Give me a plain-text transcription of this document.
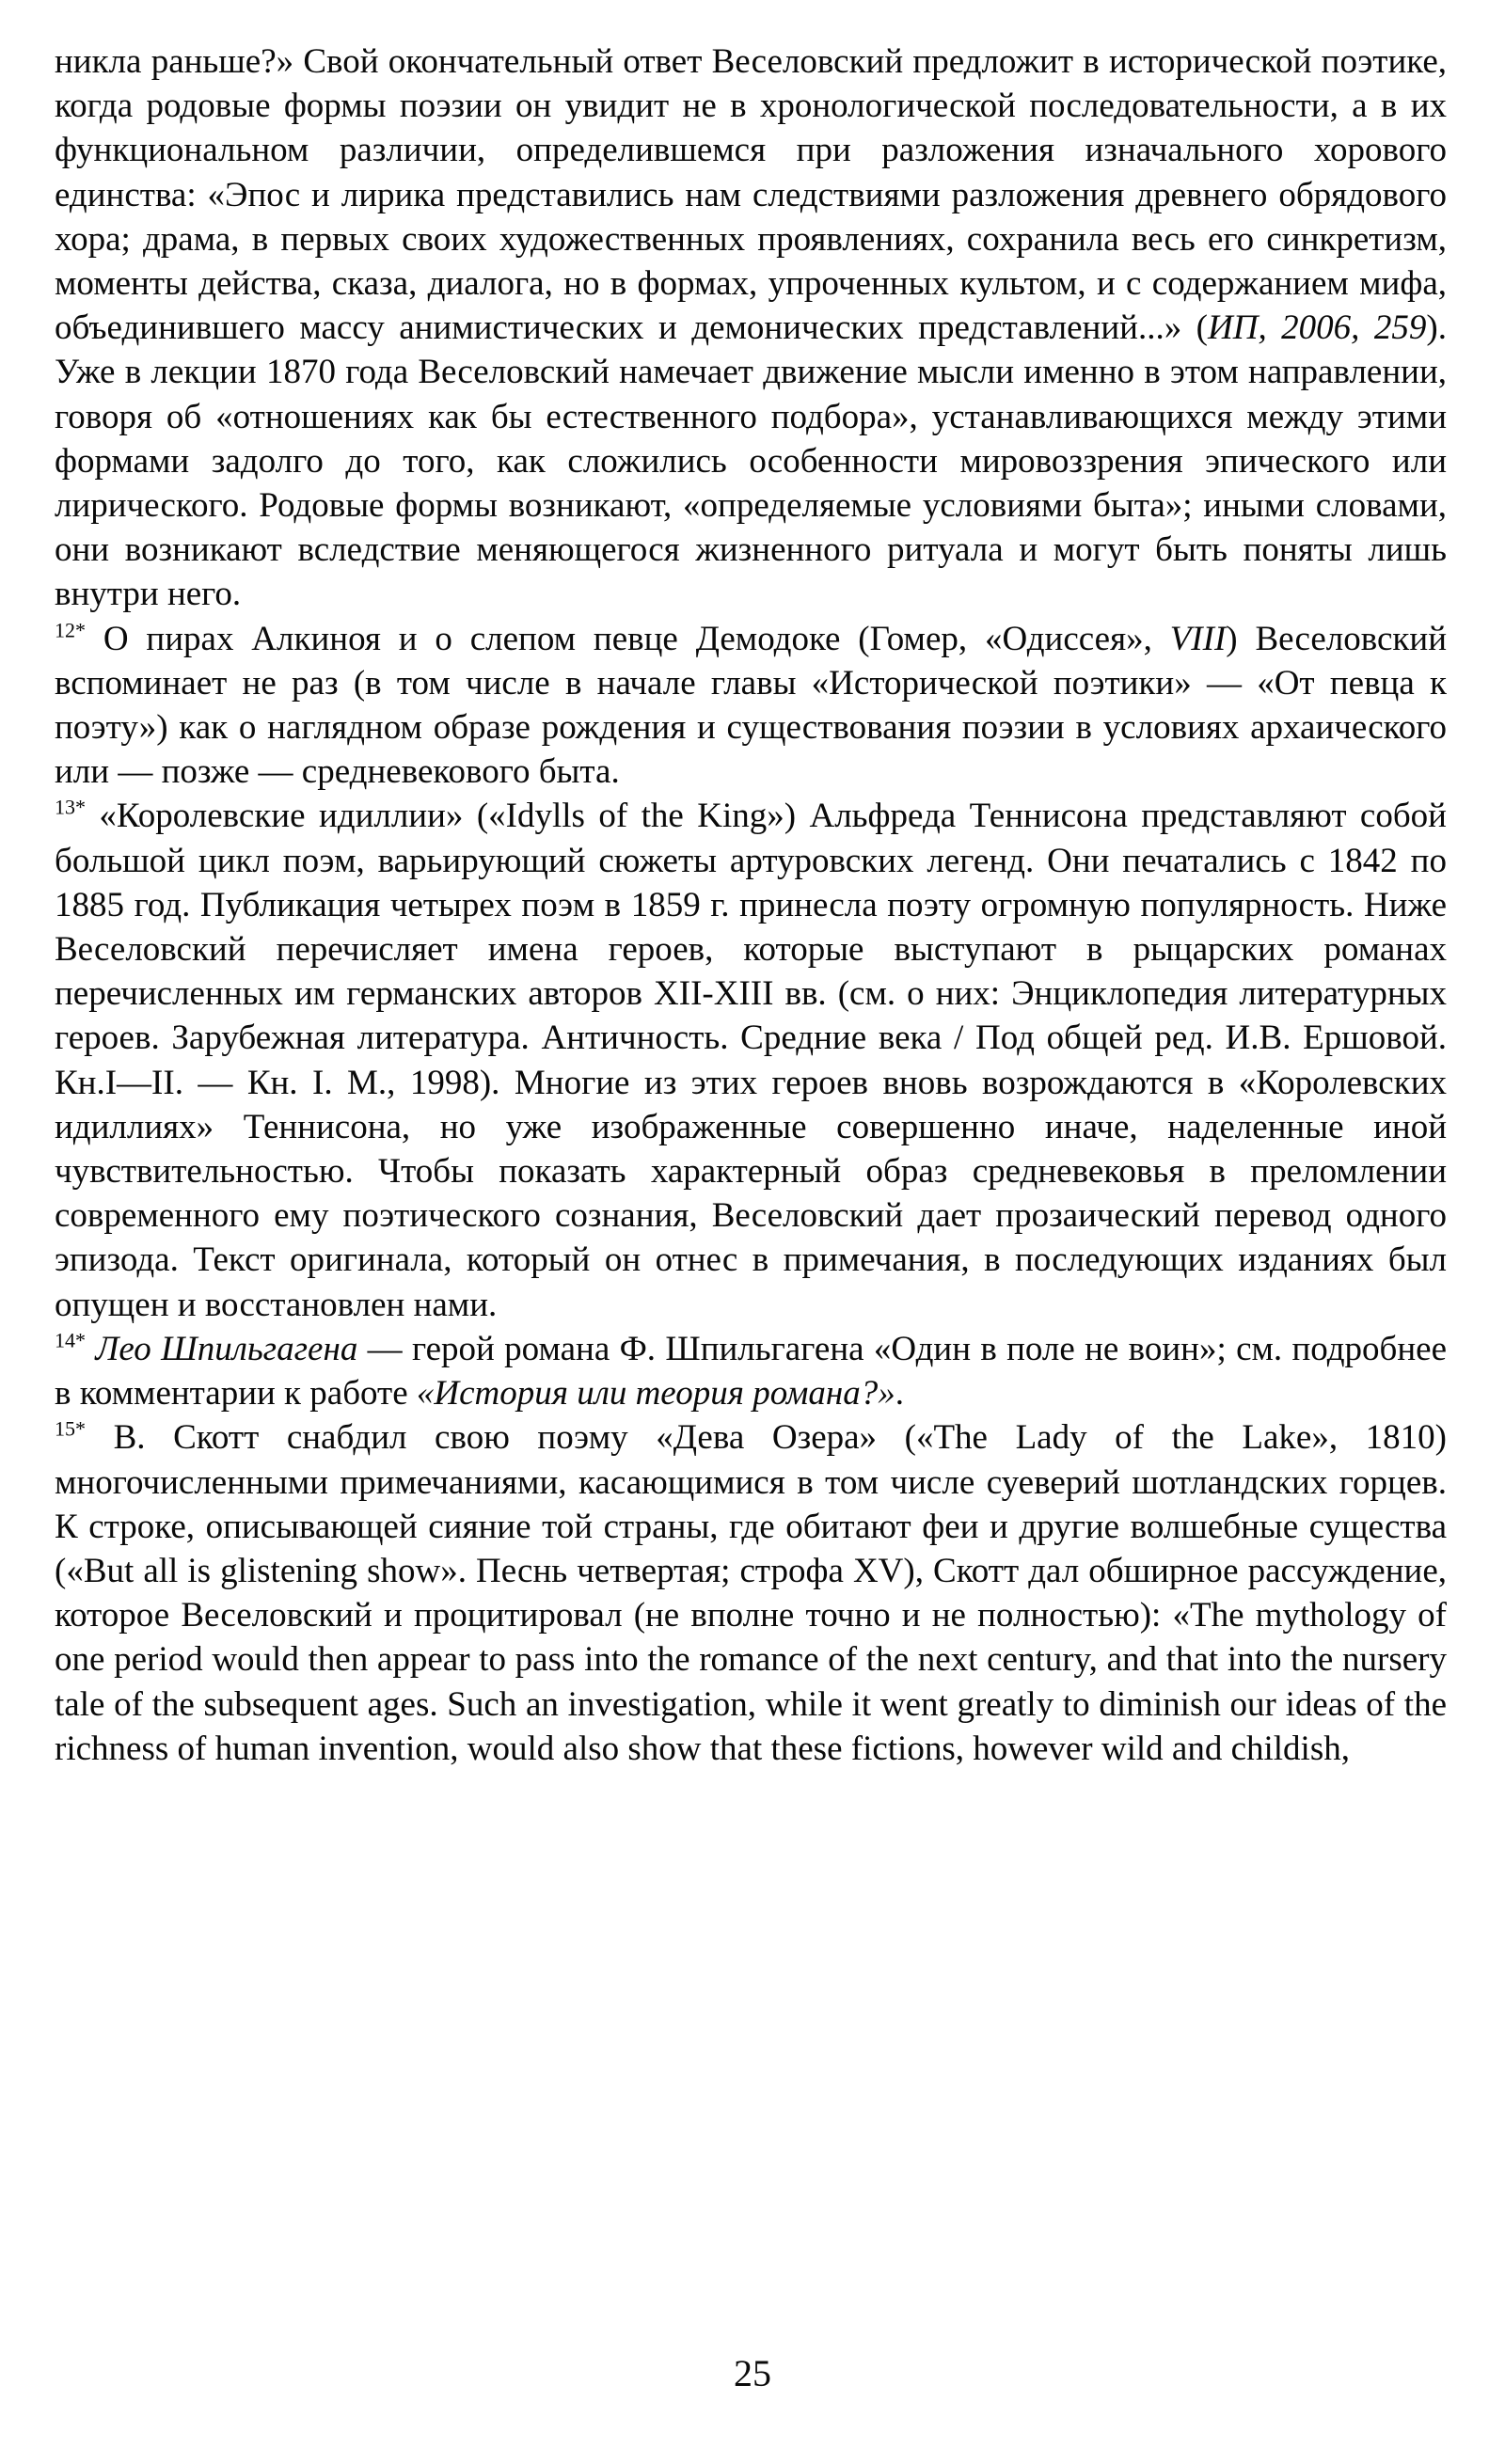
никла раньше?» Свой окончательный ответ Веселовский предложит в исторической поэтике, когда родовые формы поэзии он увидит не в хронологической последовательности, а в их функциональном различии, определившемся при разложения изначального хорового единства: «Эпос и лирика представились нам следствиями разложения древнего обрядового хора; драма, в первых своих художественных проявлениях, сохранила весь его синкретизм, моменты действа, сказа, диалога, но в формах, упроченных культом, и с содержанием мифа, объединившего массу анимистических и демонических представлений...» (ИП, 2006, 259). Уже в лекции 1870 года Веселовский намечает движение мысли именно в этом направлении, говоря об «отношениях как бы естественного подбора», устанавливающихся между этими формами задолго до того, как сложились особенности мировоззрения эпического или лирического. Родовые формы возникают, «определяемые условиями быта»; иными словами, они возникают вследствие меняющегося жизненного ритуала и могут быть поняты лишь внутри него.

$^{12*}$ О пирах Алкиноя и о слепом певце Демодоке (Гомер, «Одиссея», VIII) Веселовский вспоминает не раз (в том числе в начале главы «Исторической поэтики» — «От певца к поэту») как о наглядном образе рождения и существования поэзии в условиях архаического или — позже — средневекового быта.

$^{13*}$ «Королевские идиллии» («Idylls of the King») Альфреда Теннисона представляют собой большой цикл поэм, варьирующий сюжеты артуровских легенд. Они печатались с 1842 по 1885 год. Публикация четырех поэм в 1859 г. принесла поэту огромную популярность. Ниже Веселовский перечисляет имена героев, которые выступают в рыцарских романах перечисленных им германских авторов XII-XIII вв. (см. о них: Энциклопедия литературных героев. Зарубежная литература. Античность. Средние века / Под общей ред. И.В. Ершовой. Кн.I—II. — Кн. I. М., 1998). Многие из этих героев вновь возрождаются в «Королевских идиллиях» Теннисона, но уже изображенные совершенно иначе, наделенные иной чувствительностью. Чтобы показать характерный образ средневековья в преломлении современного ему поэтического сознания, Веселовский дает прозаический перевод одного эпизода. Текст оригинала, который он отнес в примечания, в последующих изданиях был опущен и восстановлен нами.

$^{14*}$ Лео Шпильгагена — герой романа Ф. Шпильгагена «Один в поле не воин»; см. подробнее в комментарии к работе «История или теория романа?».

$^{15*}$ В. Скотт снабдил свою поэму «Дева Озера» («The Lady of the Lake», 1810) многочисленными примечаниями, касающимися в том числе суеверий шотландских горцев. К строке, описывающей сияние той страны, где обитают феи и другие волшебные существа («But all is glistening show». Песнь четвертая; строфа XV), Скотт дал обширное рассуждение, которое Веселовский и процитировал (не вполне точно и не полностью): «The mythology of one period would then appear to pass into the romance of the next century, and that into the nursery tale of the subsequent ages. Such an investigation, while it went greatly to diminish our ideas of the richness of human invention, would also show that these fictions, however wild and childish,

25
